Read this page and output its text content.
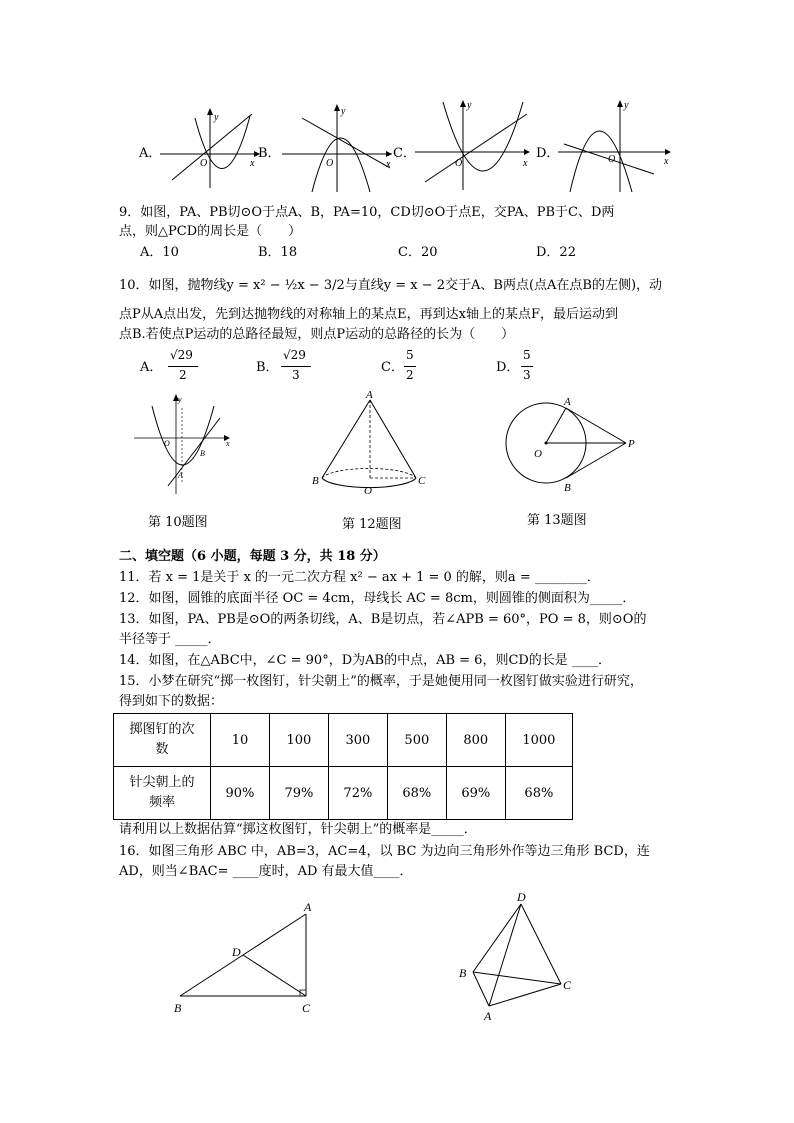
A．
y
x
O
B．
y
x
O
C．
y
x
O
D．
y
x
O
9．如图，PA、PB切⊙O于点A、B，PA=10，CD切⊙O于点E，交PA、PB于C、D两
点，则△PCD的周长是（　　）
A．10	B．18	C．20	D．22
10．如图，抛物线y = x² − ½x − 3/2与直线y = x − 2交于A、B两点(点A在点B的左侧)，动
点P从A点出发，先到达抛物线的对称轴上的某点E，再到达x轴上的某点F，最后运动到
点B.若使点P运动的总路径最短，则点P运动的总路径的长为（　　）
A．
√29
2	B．
√29
3	C．
5
2	D．
5
3
y
x
O
B
A
第 10题图
A
B	C
O
第 12题图
A
P
O
B
第 13题图
二、填空题（6 小题，每题 3 分，共 18 分）
11．若 x = 1是关于 x 的一元二次方程 x² − ax + 1 = 0 的解，则a = ________．
12．如图，圆锥的底面半径 OC = 4cm，母线长 AC = 8cm，则圆锥的侧面积为_____．
13．如图，PA、PB是⊙O的两条切线，A、B是切点，若∠APB = 60°，PO = 8，则⊙O的
半径等于 _____．
14．如图，在△ABC中，∠C = 90°，D为AB的中点，AB = 6，则CD的长是 ____．
15．小梦在研究“掷一枚图钉，针尖朝上”的概率，于是她便用同一枚图钉做实验进行研究，
得到如下的数据：
掷图钉的次
数	10	100	300	500	800	1000

针尖朝上的
频率	90%	79%	72%	68%	69%	68%
请利用以上数据估算“掷这枚图钉，针尖朝上”的概率是_____．
16．如图三角形 ABC 中，AB=3，AC=4，以 BC 为边向三角形外作等边三角形 BCD，连
AD，则当∠BAC= ____度时，AD 有最大值____．
A
D
B	C
D
B
C
A
